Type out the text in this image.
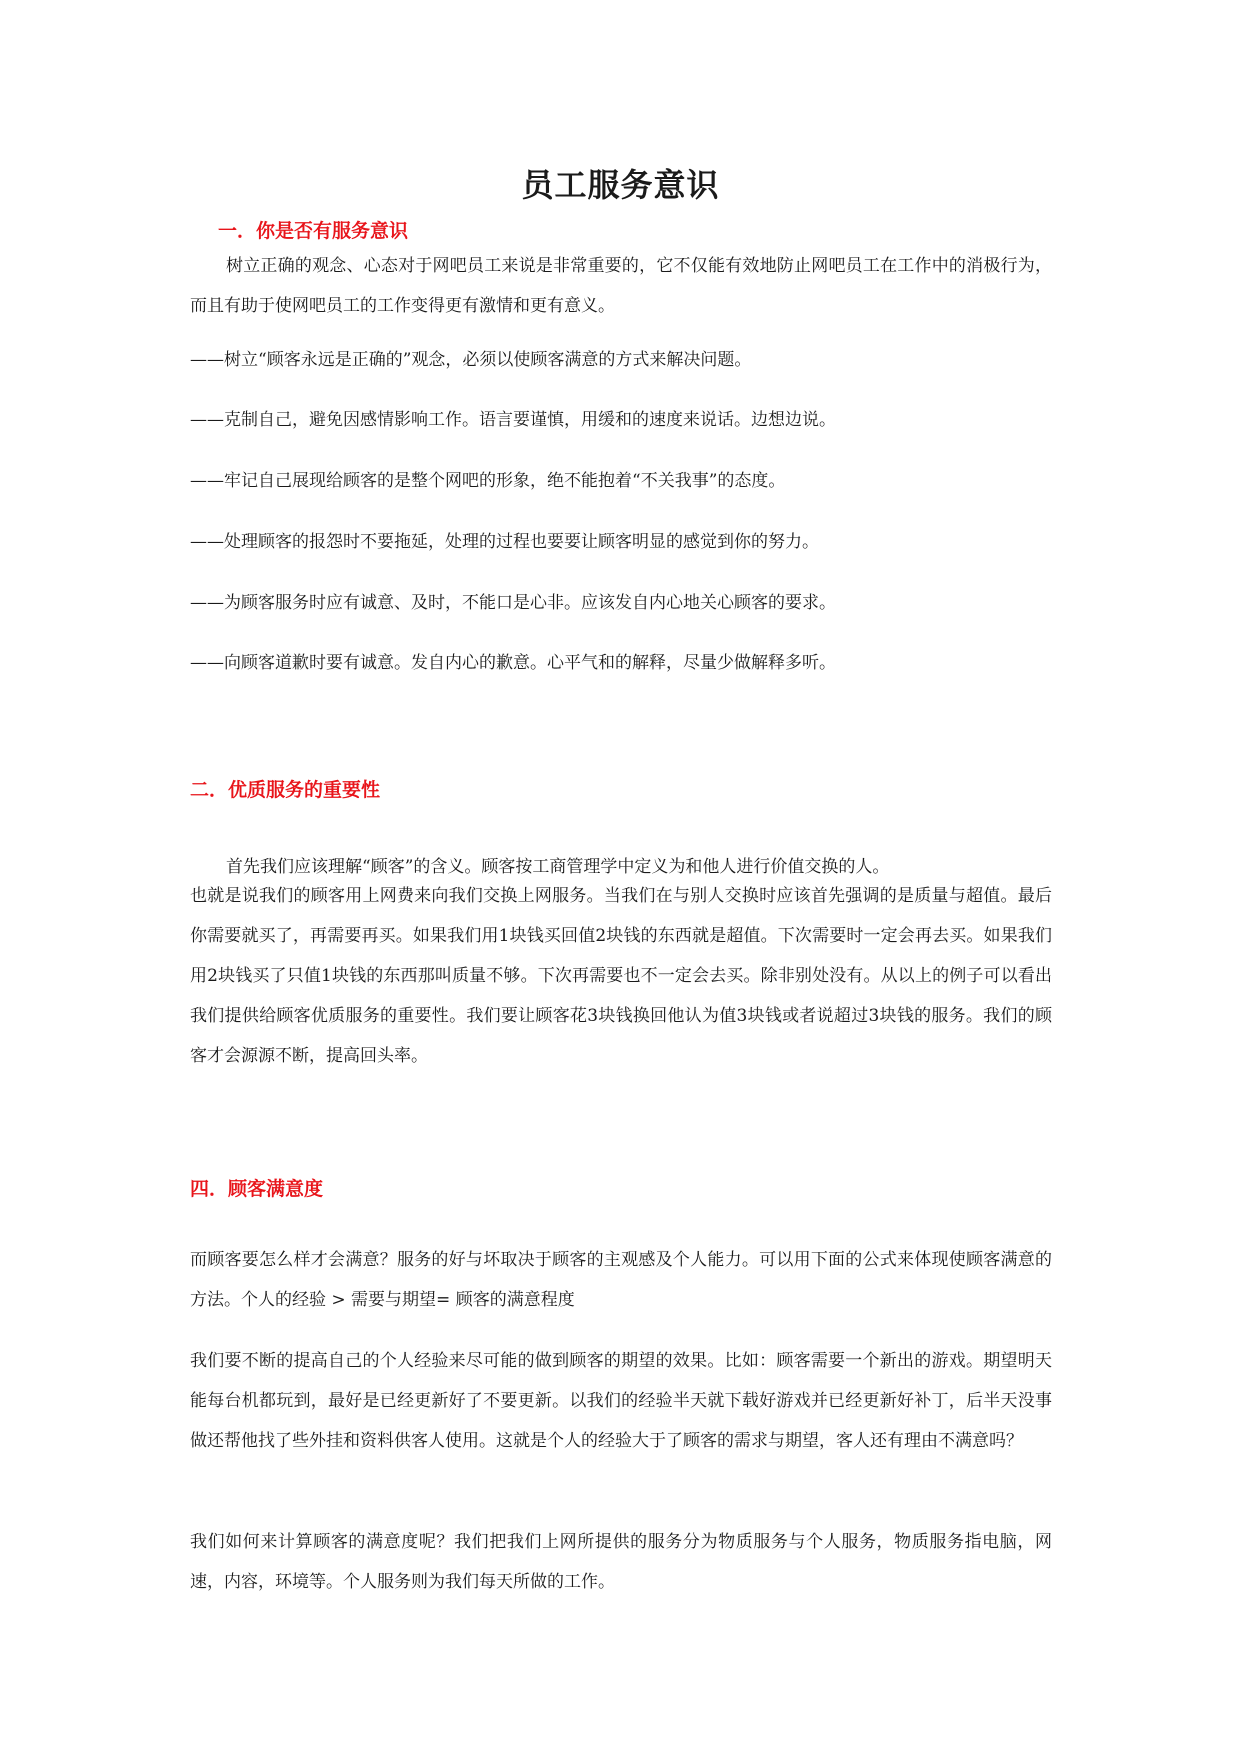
员工服务意识
一．你是否有服务意识
树立正确的观念、心态对于网吧员工来说是非常重要的，它不仅能有效地防止网吧员工在工作中的消极行为，而且有助于使网吧员工的工作变得更有激情和更有意义。
——树立“顾客永远是正确的”观念，必须以使顾客满意的方式来解决问题。
——克制自己，避免因感情影响工作。语言要谨慎，用缓和的速度来说话。边想边说。
——牢记自己展现给顾客的是整个网吧的形象，绝不能抱着“不关我事”的态度。
——处理顾客的报怨时不要拖延，处理的过程也要要让顾客明显的感觉到你的努力。
——为顾客服务时应有诚意、及时，不能口是心非。应该发自内心地关心顾客的要求。
——向顾客道歉时要有诚意。发自内心的歉意。心平气和的解释，尽量少做解释多听。
二．优质服务的重要性
首先我们应该理解“顾客”的含义。顾客按工商管理学中定义为和他人进行价值交换的人。
也就是说我们的顾客用上网费来向我们交换上网服务。当我们在与别人交换时应该首先强调的是质量与超值。最后你需要就买了，再需要再买。如果我们用1块钱买回值2块钱的东西就是超值。下次需要时一定会再去买。如果我们用2块钱买了只值1块钱的东西那叫质量不够。下次再需要也不一定会去买。除非别处没有。从以上的例子可以看出我们提供给顾客优质服务的重要性。我们要让顾客花3块钱换回他认为值3块钱或者说超过3块钱的服务。我们的顾客才会源源不断，提高回头率。
四．顾客满意度
而顾客要怎么样才会满意？服务的好与坏取决于顾客的主观感及个人能力。可以用下面的公式来体现使顾客满意的方法。个人的经验 > 需要与期望= 顾客的满意程度
我们要不断的提高自己的个人经验来尽可能的做到顾客的期望的效果。比如：顾客需要一个新出的游戏。期望明天能每台机都玩到，最好是已经更新好了不要更新。以我们的经验半天就下载好游戏并已经更新好补丁，后半天没事做还帮他找了些外挂和资料供客人使用。这就是个人的经验大于了顾客的需求与期望，客人还有理由不满意吗？
我们如何来计算顾客的满意度呢？我们把我们上网所提供的服务分为物质服务与个人服务，物质服务指电脑，网速，内容，环境等。个人服务则为我们每天所做的工作。
